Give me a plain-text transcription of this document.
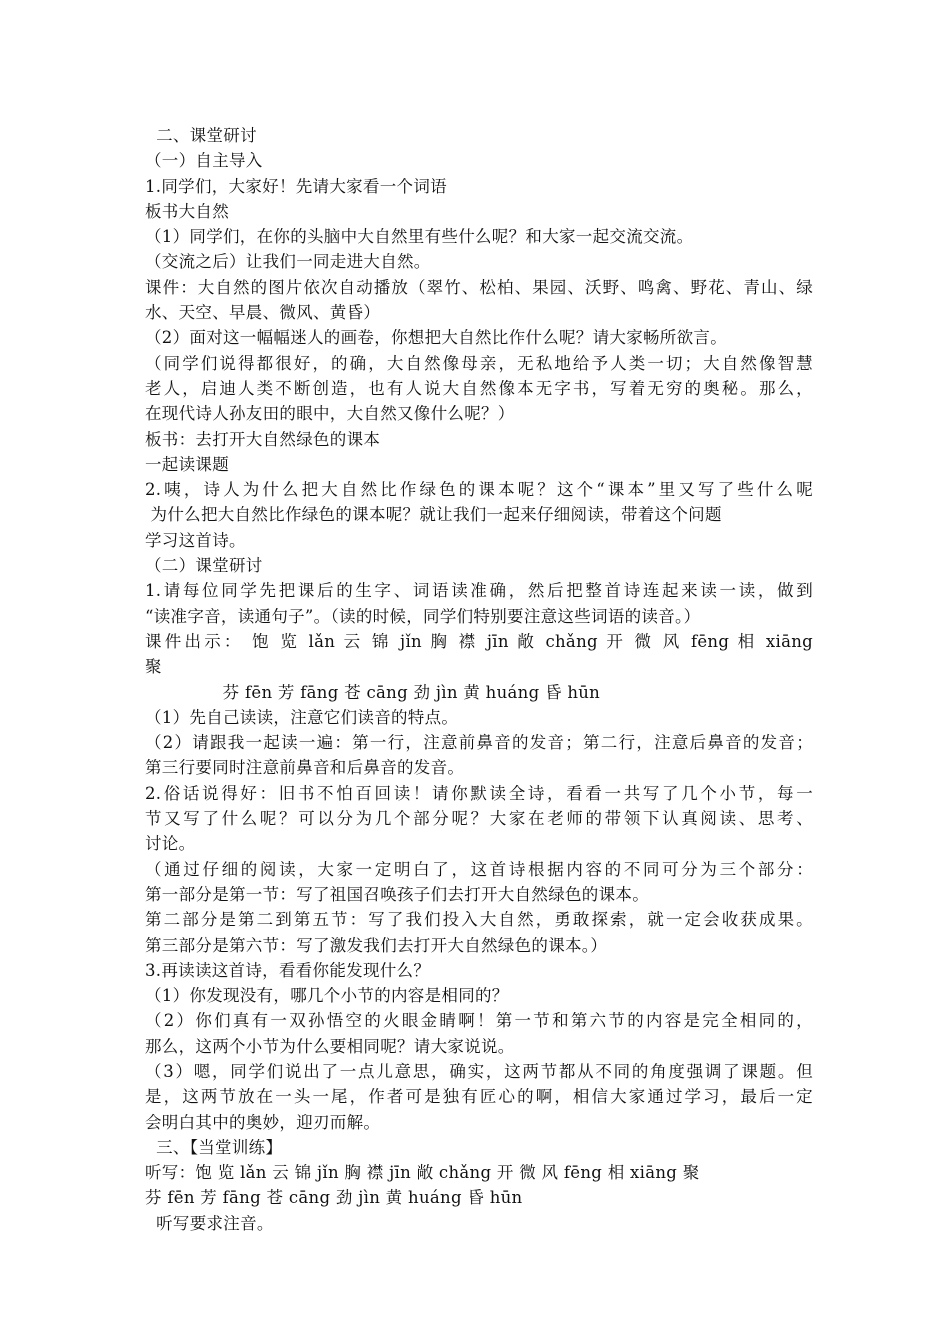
二、课堂研讨
（一）自主导入
1.同学们，大家好！先请大家看一个词语
板书大自然
（1）同学们，在你的头脑中大自然里有些什么呢？和大家一起交流交流。
（交流之后）让我们一同走进大自然。
课件：大自然的图片依次自动播放（翠竹、松柏、果园、沃野、鸣禽、野花、青山、绿
水、天空、早晨、微风、黄昏）
（2）面对这一幅幅迷人的画卷，你想把大自然比作什么呢？请大家畅所欲言。
（同学们说得都很好，的确，大自然像母亲，无私地给予人类一切；大自然像智慧
老人，启迪人类不断创造，也有人说大自然像本无字书，写着无穷的奥秘。那么，
在现代诗人孙友田的眼中，大自然又像什么呢？）
板书：去打开大自然绿色的课本
一起读课题
2.咦，诗人为什么把大自然比作绿色的课本呢？这个“课本”里又写了些什么呢
为什么把大自然比作绿色的课本呢？就让我们一起来仔细阅读，带着这个问题
学习这首诗。
（二）课堂研讨
1.请每位同学先把课后的生字、词语读准确，然后把整首诗连起来读一读，做到
“读准字音，读通句子”。（读的时候，同学们特别要注意这些词语的读音。）
课件出示： 饱 览 lǎn 云 锦 jǐn 胸 襟 jīn 敞 chǎng 开 微 风 fēng 相 xiāng
聚
芬 fēn 芳 fāng 苍 cāng 劲 jìn 黄 huáng 昏 hūn
（1）先自己读读，注意它们读音的特点。
（2）请跟我一起读一遍：第一行，注意前鼻音的发音；第二行，注意后鼻音的发音；
第三行要同时注意前鼻音和后鼻音的发音。
2.俗话说得好：旧书不怕百回读！请你默读全诗，看看一共写了几个小节，每一
节又写了什么呢？可以分为几个部分呢？大家在老师的带领下认真阅读、思考、
讨论。
（通过仔细的阅读，大家一定明白了，这首诗根据内容的不同可分为三个部分：
第一部分是第一节：写了祖国召唤孩子们去打开大自然绿色的课本。
第二部分是第二到第五节：写了我们投入大自然，勇敢探索，就一定会收获成果。
第三部分是第六节：写了激发我们去打开大自然绿色的课本。）
3.再读读这首诗，看看你能发现什么？
（1）你发现没有，哪几个小节的内容是相同的？
（2）你们真有一双孙悟空的火眼金睛啊！第一节和第六节的内容是完全相同的，
那么，这两个小节为什么要相同呢？请大家说说。
（3）嗯，同学们说出了一点儿意思，确实，这两节都从不同的角度强调了课题。但
是，这两节放在一头一尾，作者可是独有匠心的啊，相信大家通过学习，最后一定
会明白其中的奥妙，迎刃而解。
三、【当堂训练】
听写：饱 览 lǎn 云 锦 jǐn 胸 襟 jīn 敞 chǎng 开 微 风 fēng 相 xiāng 聚
芬 fēn 芳 fāng 苍 cāng 劲 jìn 黄 huáng 昏 hūn
听写要求注音。
